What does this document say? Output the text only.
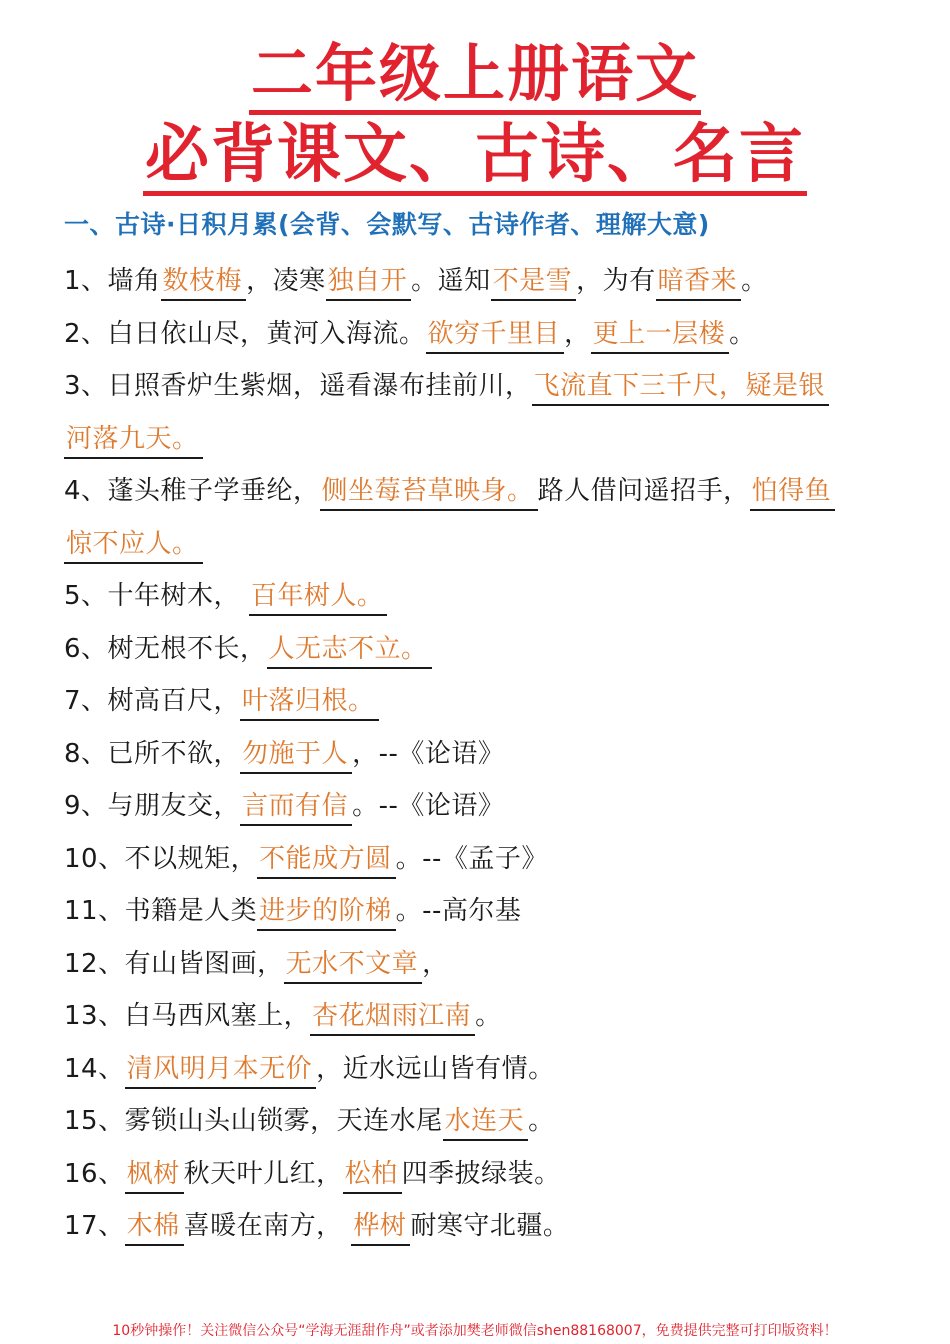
二年级上册语文
必背课文、古诗、名言
一、古诗·日积月累(会背、会默写、古诗作者、理解大意)
1、墙角数枝梅 ，凌寒独自开 。遥知不是雪 ，为有暗香来 。
2、白日依山尽，黄河入海流。欲穷千里目 ，更上一层楼 。
3、日照香炉生紫烟，遥看瀑布挂前川，飞流直下三千尺，疑是银
河落九天。
4、蓬头稚子学垂纶，侧坐莓苔草映身。 路人借问遥招手，怕得鱼
惊不应人。
5、十年树木， 百年树人。
6、树无根不长，人无志不立。
7、树高百尺，叶落归根。
8、已所不欲，勿施于人 ，--《论语》
9、与朋友交，言而有信 。--《论语》
10、不以规矩，不能成方圆 。--《孟子》
11、书籍是人类进步的阶梯 。--高尔基
12、有山皆图画，无水不文章 ，
13、白马西风塞上，杏花烟雨江南 。
14、清风明月本无价 ，近水远山皆有情。
15、雾锁山头山锁雾，天连水尾水连天 。
16、枫树 秋天叶儿红，松柏 四季披绿装。
17、木棉 喜暖在南方， 桦树 耐寒守北疆。
10秒钟操作！关注微信公众号“学海无涯甜作舟”或者添加樊老师微信shen88168007，免费提供完整可打印版资料！
